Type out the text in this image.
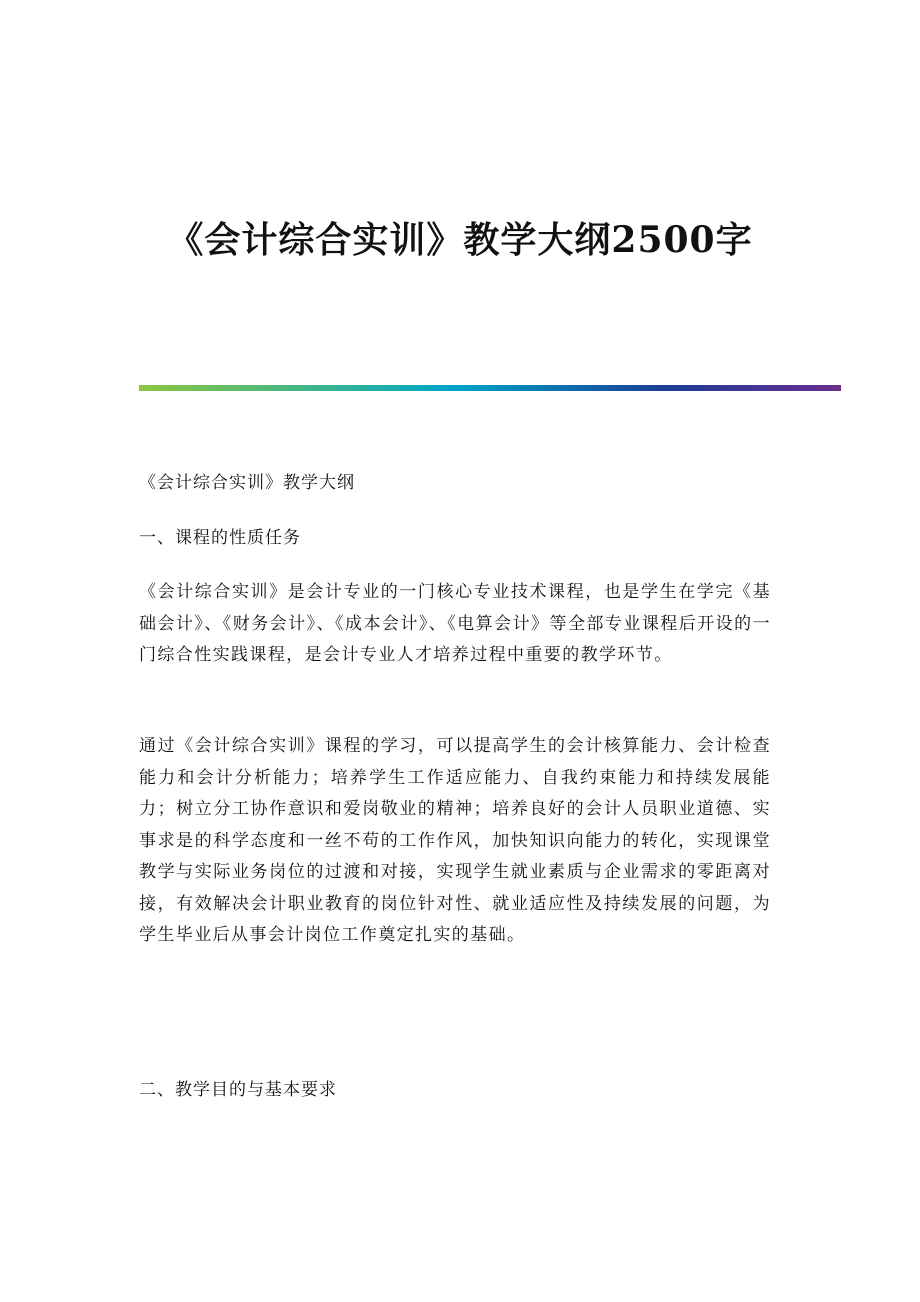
《会计综合实训》教学大纲2500字

《会计综合实训》教学大纲

一、课程的性质任务

《会计综合实训》是会计专业的一门核心专业技术课程，也是学生在学完《基础会计》、《财务会计》、《成本会计》、《电算会计》等全部专业课程后开设的一门综合性实践课程，是会计专业人才培养过程中重要的教学环节。

通过《会计综合实训》课程的学习，可以提高学生的会计核算能力、会计检查能力和会计分析能力；培养学生工作适应能力、自我约束能力和持续发展能力；树立分工协作意识和爱岗敬业的精神；培养良好的会计人员职业道德、实事求是的科学态度和一丝不苟的工作作风，加快知识向能力的转化，实现课堂教学与实际业务岗位的过渡和对接，实现学生就业素质与企业需求的零距离对接，有效解决会计职业教育的岗位针对性、就业适应性及持续发展的问题，为学生毕业后从事会计岗位工作奠定扎实的基础。

二、教学目的与基本要求
